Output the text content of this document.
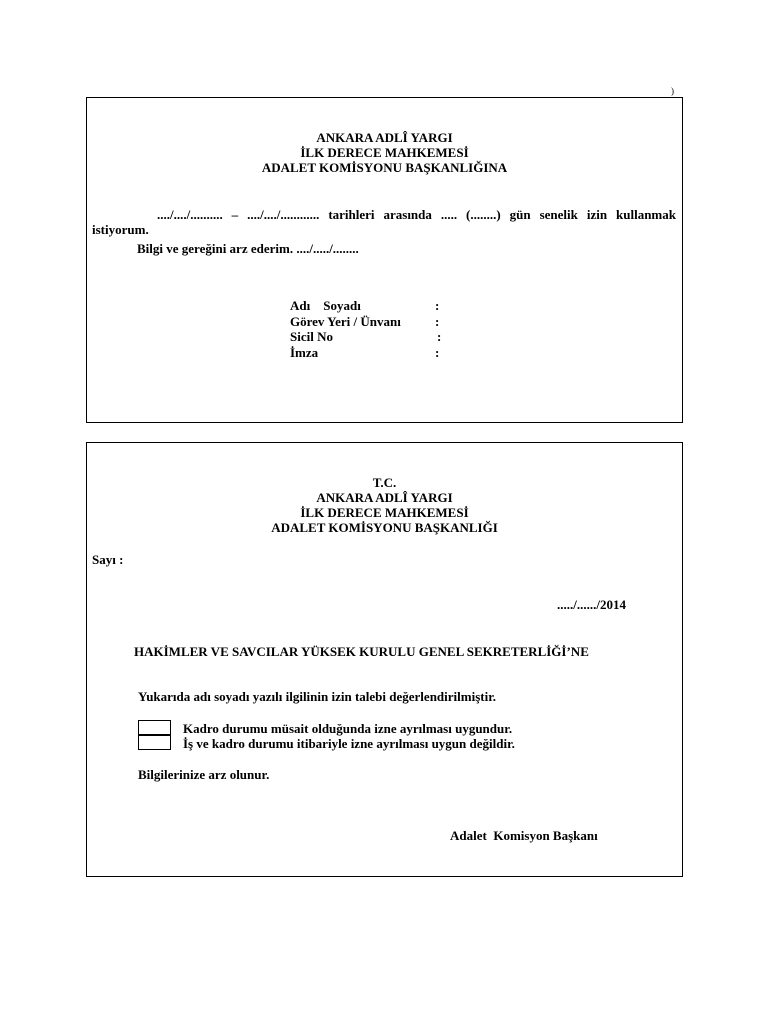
)
ANKARA ADLÎ YARGI
İLK DERECE MAHKEMESİ
ADALET KOMİSYONU BAŞKANLIĞINA
..../..../.......... – ..../..../............ tarihleri arasında ..... (........) gün senelik izin kullanmak
istiyorum.
Bilgi ve gereğini arz ederim. ..../...../........
Adı    Soyadı	:
Görev Yeri / Ünvanı	:
Sicil No	:
İmza	:
T.C.
ANKARA ADLÎ YARGI
İLK DERECE MAHKEMESİ
ADALET KOMİSYONU BAŞKANLIĞI
Sayı :
...../....../2014
HAKİMLER VE SAVCILAR YÜKSEK KURULU GENEL SEKRETERLİĞİ’NE
Yukarıda adı soyadı yazılı ilgilinin izin talebi değerlendirilmiştir.
Kadro durumu müsait olduğunda izne ayrılması uygundur.
İş ve kadro durumu itibariyle izne ayrılması uygun değildir.
Bilgilerinize arz olunur.
Adalet  Komisyon Başkanı
